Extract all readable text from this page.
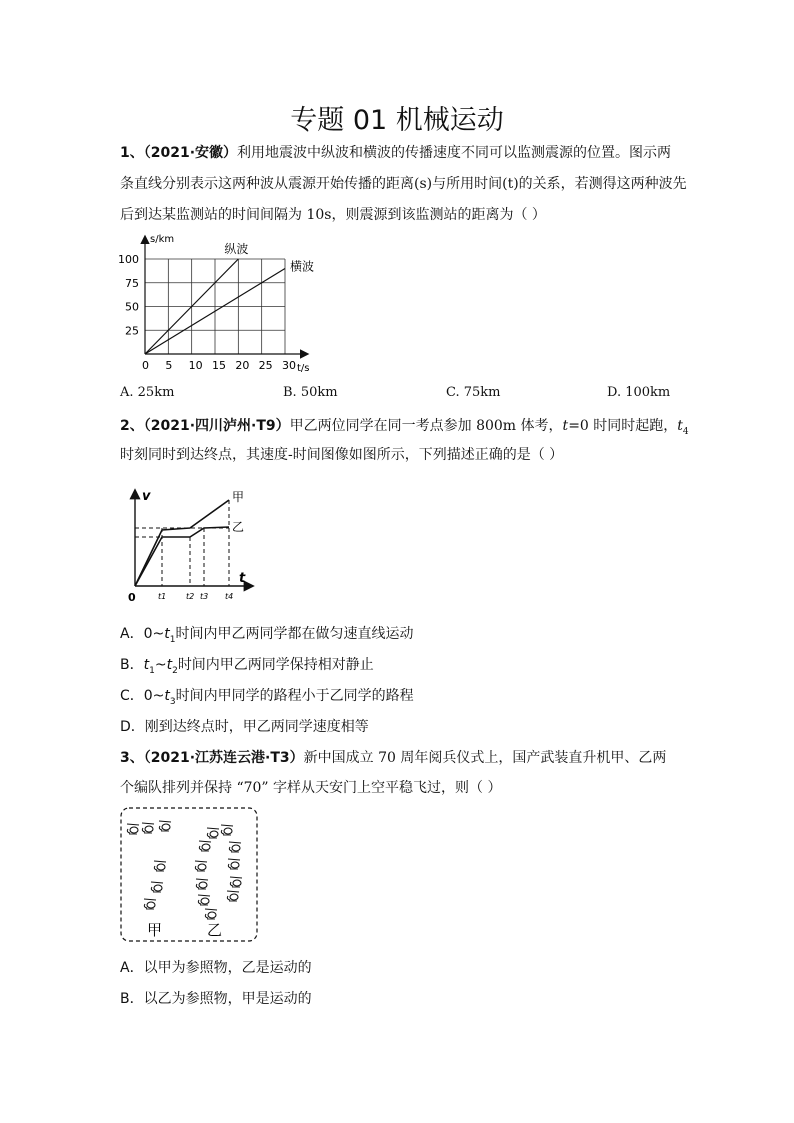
专题 01 机械运动
1、（2021·安徽）利用地震波中纵波和横波的传播速度不同可以监测震源的位置。图示两
条直线分别表示这两种波从震源开始传播的距离(s)与所用时间(t)的关系，若测得这两种波先
后到达某监测站的时间间隔为 10s，则震源到该监测站的距离为（ ）
0 5 10 15 20 25 30
25
50
75
100
s/km
t/s
纵波
横波
A. 25km	B. 50km	C. 75km	D. 100km
2、（2021·四川泸州·T9）甲乙两位同学在同一考点参加 800m 体考，t=0 时同时起跑，$t_4$
时刻同时到达终点，其速度-时间图像如图所示，下列描述正确的是（ ）
v
t
0
甲
乙
t1 t2 t3 t4
A．$0\sim t_1$时间内甲乙两同学都在做匀速直线运动
B．$t_1\sim t_2$时间内甲乙两同学保持相对静止
C．$0\sim t_3$时间内甲同学的路程小于乙同学的路程
D．刚到达终点时，甲乙两同学速度相等
3、（2021·江苏连云港·T3）新中国成立 70 周年阅兵仪式上，国产武装直升机甲、乙两
个编队排列并保持 “70” 字样从天安门上空平稳飞过，则（ ）
甲	乙
A．以甲为参照物，乙是运动的
B．以乙为参照物，甲是运动的
